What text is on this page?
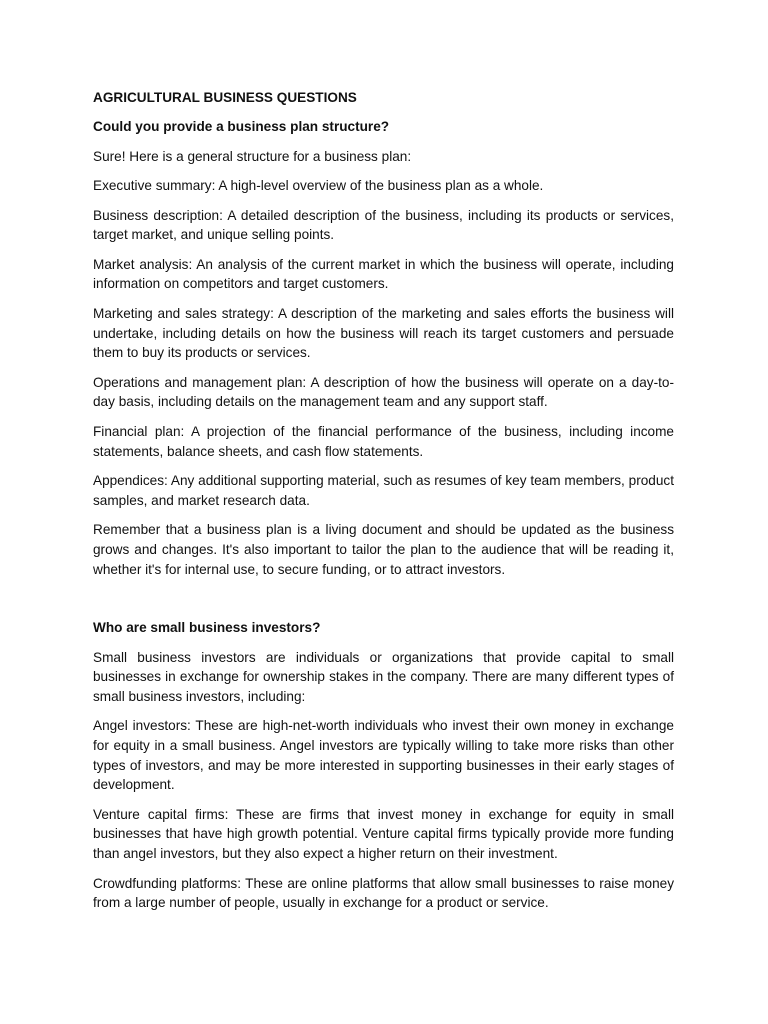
AGRICULTURAL BUSINESS QUESTIONS
Could you provide a business plan structure?

Sure! Here is a general structure for a business plan:

Executive summary: A high-level overview of the business plan as a whole.

Business description: A detailed description of the business, including its products or services, target market, and unique selling points.

Market analysis: An analysis of the current market in which the business will operate, including information on competitors and target customers.

Marketing and sales strategy: A description of the marketing and sales efforts the business will undertake, including details on how the business will reach its target customers and persuade them to buy its products or services.

Operations and management plan: A description of how the business will operate on a day-to-day basis, including details on the management team and any support staff.

Financial plan: A projection of the financial performance of the business, including income statements, balance sheets, and cash flow statements.

Appendices: Any additional supporting material, such as resumes of key team members, product samples, and market research data.

Remember that a business plan is a living document and should be updated as the business grows and changes. It's also important to tailor the plan to the audience that will be reading it, whether it's for internal use, to secure funding, or to attract investors.

Who are small business investors?

Small business investors are individuals or organizations that provide capital to small businesses in exchange for ownership stakes in the company. There are many different types of small business investors, including:

Angel investors: These are high-net-worth individuals who invest their own money in exchange for equity in a small business. Angel investors are typically willing to take more risks than other types of investors, and may be more interested in supporting businesses in their early stages of development.

Venture capital firms: These are firms that invest money in exchange for equity in small businesses that have high growth potential. Venture capital firms typically provide more funding than angel investors, but they also expect a higher return on their investment.

Crowdfunding platforms: These are online platforms that allow small businesses to raise money from a large number of people, usually in exchange for a product or service.
